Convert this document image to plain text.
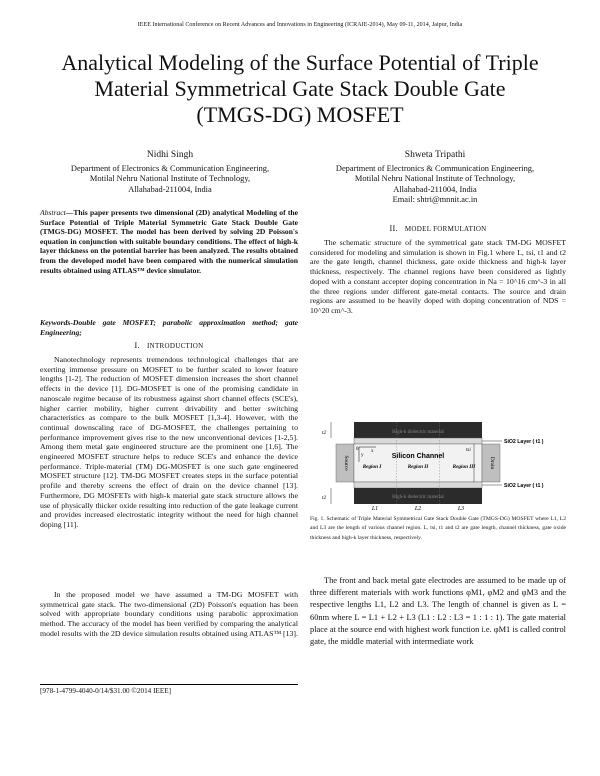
IEEE International Conference on Recent Advances and Innovations in Engineering (ICRAIE-2014), May 09-11, 2014, Jaipur, India
Analytical Modeling of the Surface Potential of Triple
Material Symmetrical Gate Stack Double Gate
(TMGS-DG) MOSFET
Nidhi Singh
Department of Electronics & Communication Engineering,
Motilal Nehru National Institute of Technology,
Allahabad-211004, India
Shweta Tripathi
Department of Electronics & Communication Engineering,
Motilal Nehru National Institute of Technology,
Allahabad-211004, India
Email: shtri@mnnit.ac.in
Abstract—This paper presents two dimensional (2D) analytical Modeling of the Surface Potential of Triple Material Symmetric Gate Stack Double Gate (TMGS-DG) MOSFET. The model has been derived by solving 2D Poisson's equation in conjunction with suitable boundary conditions. The effect of high-k layer thickness on the potential barrier has been analyzed. The results obtained from the developed model have been compared with the numerical simulation results obtained using ATLAS™ device simulator.
Keywords-Double gate MOSFET; parabolic approximation method; gate Engineering;
I. INTRODUCTION
Nanotechnology represents tremendous technological challenges that are exerting immense pressure on MOSFET to be further scaled to lower feature lengths [1-2]. The reduction of MOSFET dimension increases the short channel effects in the device [1]. DG-MOSFET is one of the promising candidate in nanoscale regime because of its robustness against short channel effects (SCE's), higher carrier mobility, higher current drivability and better switching characteristics as compare to the bulk MOSFET [1,3-4]. However, with the continual downscaling race of DG-MOSFET, the challenges pertaining to performance improvement gives rise to the new unconventional devices [1-2,5]. Among them metal gate engineered structure are the prominent one [1,6]. The engineered MOSFET structure helps to reduce SCE's and enhance the device performance. Triple-material (TM) DG-MOSFET is one such gate engineered MOSFET structure [12]. TM-DG MOSFET creates steps in the surface potential profile and thereby screens the effect of drain on the device channel [13]. Furthermore, DG MOSFETs with high-k material gate stack structure allows the use of physically thicker oxide resulting into reduction of the gate leakage current and provides increased electrostatic integrity without the need for high channel doping [11].
In the proposed model we have assumed a TM-DG MOSFET with symmetrical gate stack. The two-dimensional (2D) Poisson's equation has been solved with appropriate boundary conditions using parabolic approximation method. The accuracy of the model has been verified by comparing the analytical model results with the 2D device simulation results obtained using ATLAS™ [13].
[978-1-4799-4040-0/14/$31.00 ©2014 IEEE]
II. MODEL FORMULATION
The schematic structure of the symmetrical gate stack TM-DG MOSFET considered for modeling and simulation is shown in Fig.1 where L, tsi, t1 and t2 are the gate length, channel thickness, gate oxide thickness and high-k layer thickness, respectively. The channel regions have been considered as lightly doped with a constant accepter doping concentration in Na = 10^16 cm^-3 in all the three regions under different gate-metal contacts. The source and drain regions are assumed to be heavily doped with doping concentration of NDS = 10^20 cm^-3.
High-k dielectric material
Source	Drain
High-k dielectric material
Silicon Channel
Region I	Region II	Region III
0	x
y
tsi
t2
t2
SiO2 Layer ( t1 )
SiO2 Layer ( t1 )
L1	L2	L3
Fig. 1. Schematic of Triple Material Symmetrical Gate Stack Double Gate (TMGS-DG) MOSFET where L1, L2 and L3 are the length of various channel region. L, tsi, t1 and t2 are gate length, channel thickness, gate oxide thickness and high-k layer thickness, respectively.
The front and back metal gate electrodes are assumed to be made up of three different materials with work functions φM1, φM2 and φM3 and the respective lengths L1, L2 and L3. The length of channel is given as L = 60nm where L = L1 + L2 + L3 (L1 : L2 : L3 = 1 : 1 : 1). The gate material place at the source end with highest work function i.e. φM1 is called control gate, the middle material with intermediate work
